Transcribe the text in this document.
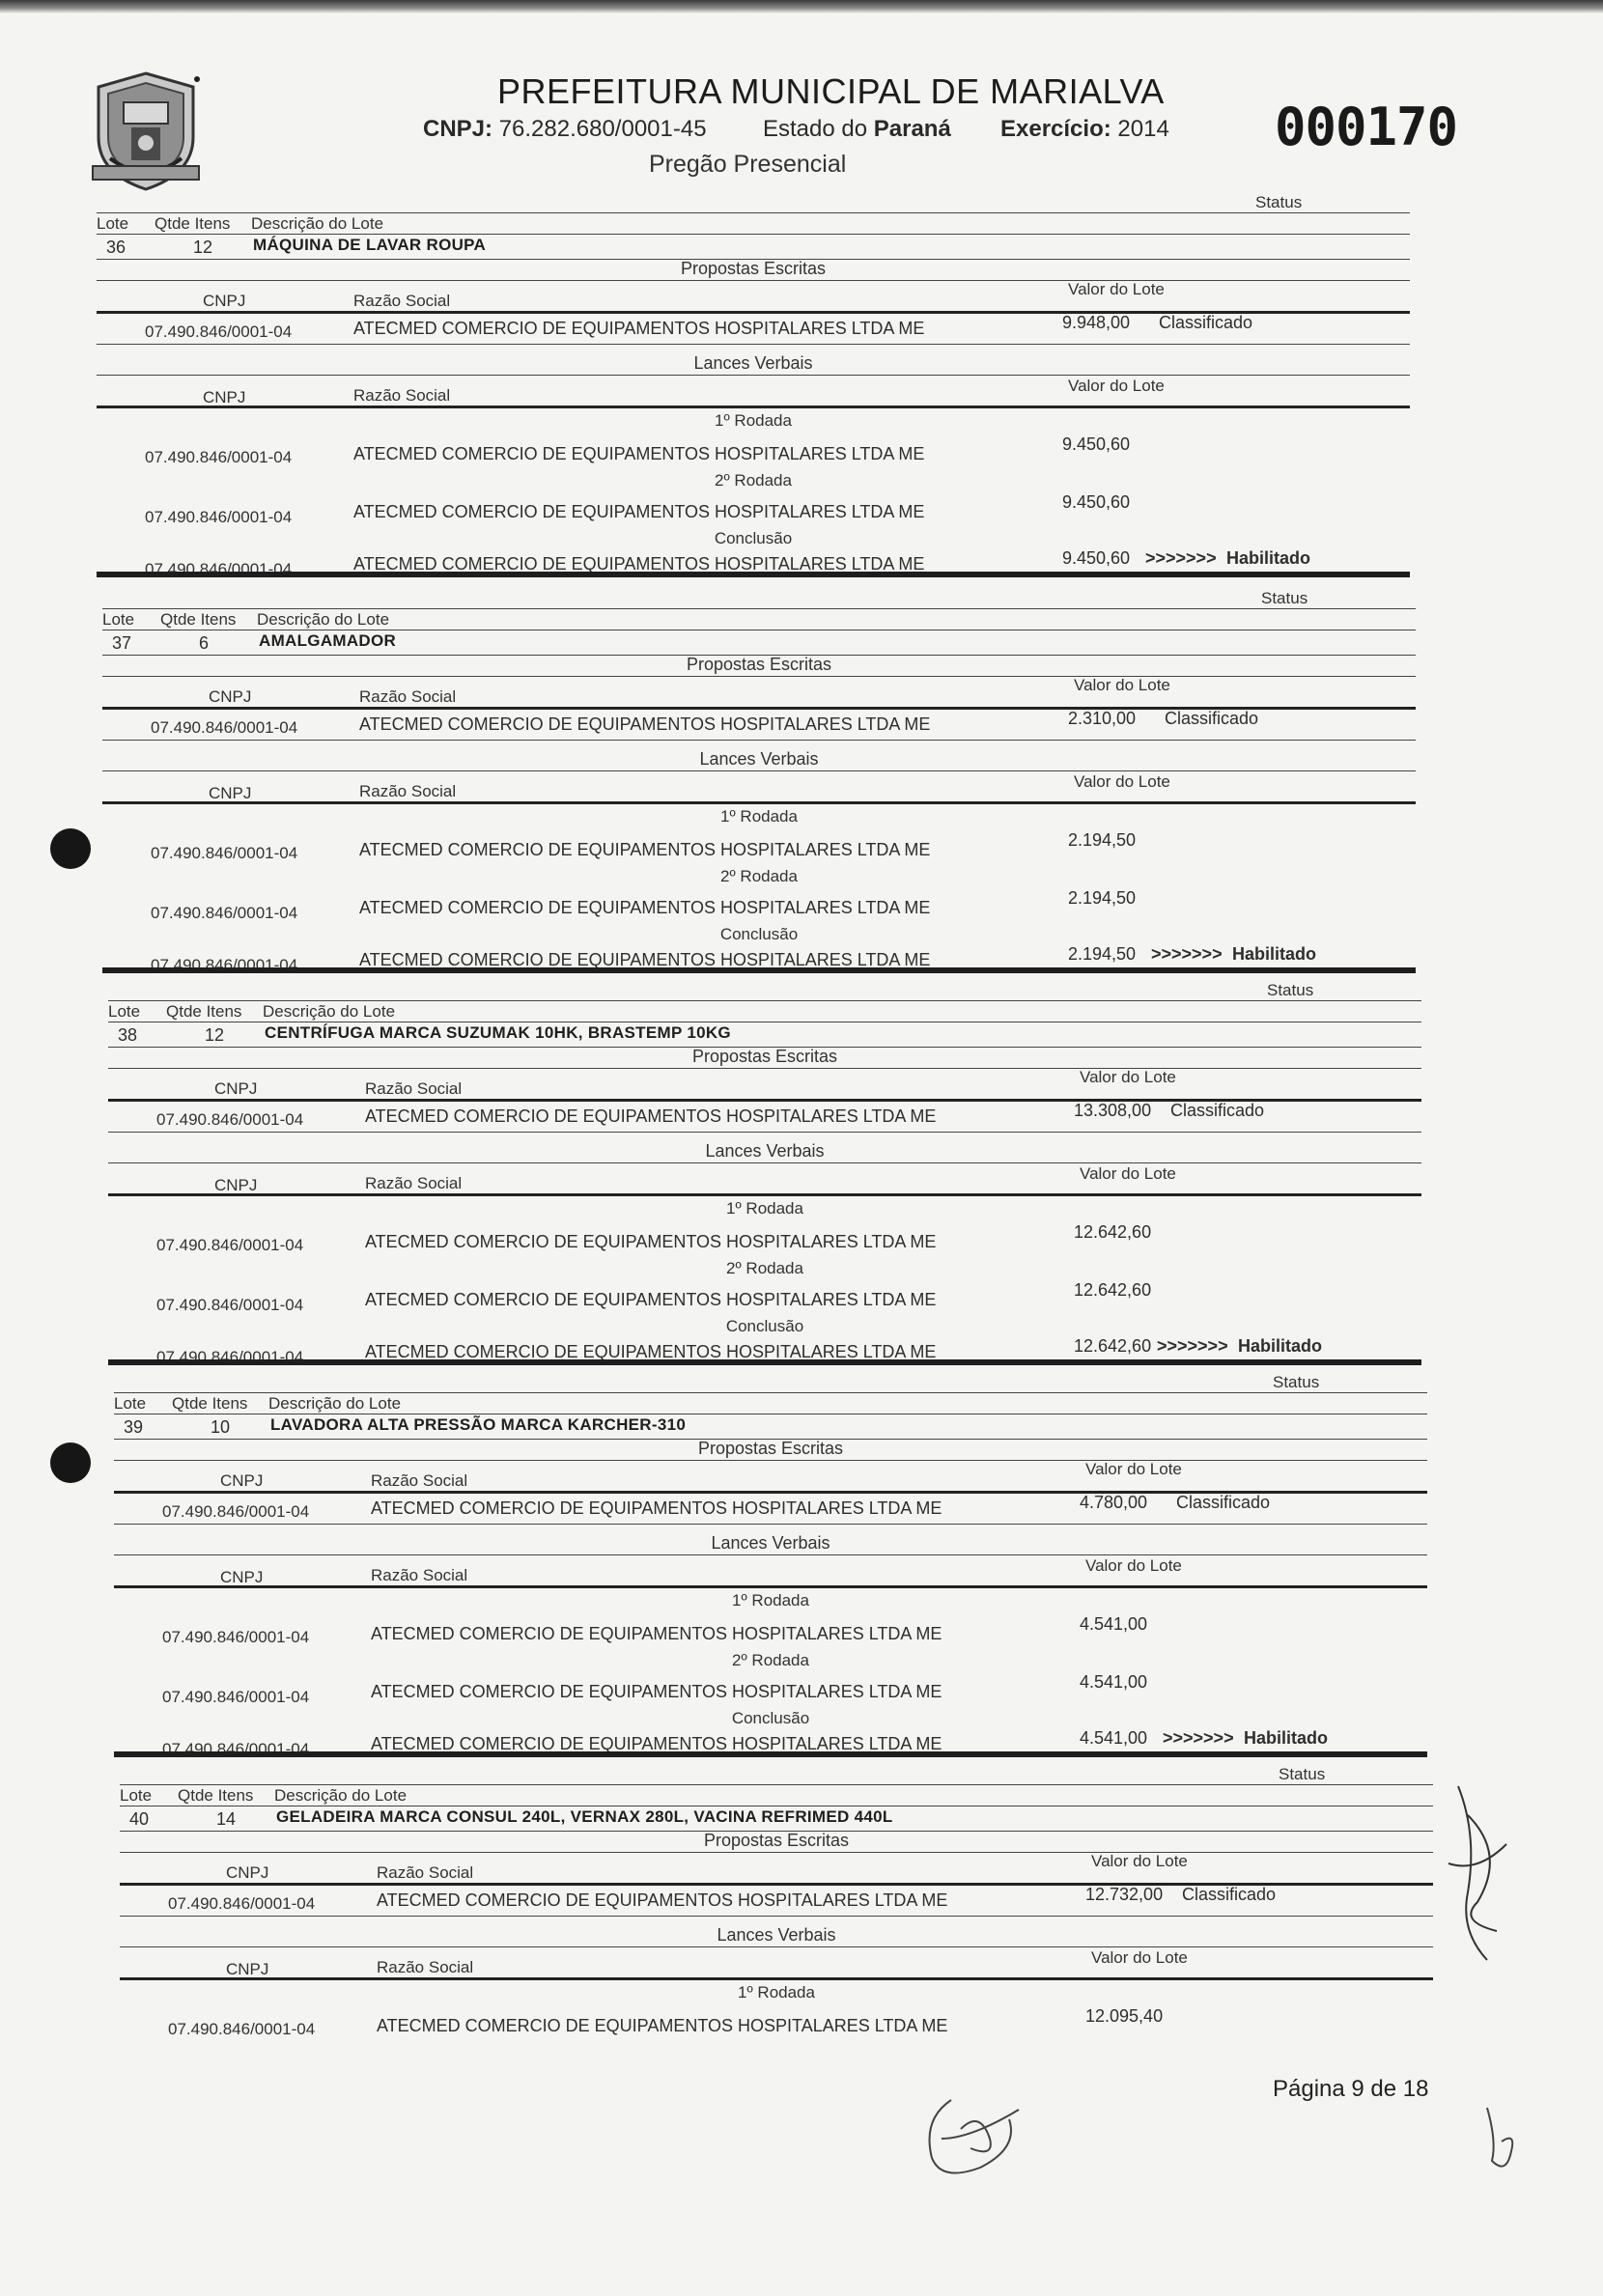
PREFEITURA MUNICIPAL DE MARIALVA
CNPJ: 76.282.680/0001-45 Estado do Paraná Exercício: 2014
Pregão Presencial
000170
Status
Lote Qtde Itens Descrição do Lote
36	12 MÁQUINA DE LAVAR ROUPA
Propostas Escritas
Valor do Lote
CNPJ	Razão Social
07.490.846/0001-04	ATECMED COMERCIO DE EQUIPAMENTOS HOSPITALARES LTDA ME	9.948,00 Classificado
Lances Verbais
Valor do Lote
CNPJ	Razão Social
1º Rodada
07.490.846/0001-04	ATECMED COMERCIO DE EQUIPAMENTOS HOSPITALARES LTDA ME	9.450,60
2º Rodada
07.490.846/0001-04	ATECMED COMERCIO DE EQUIPAMENTOS HOSPITALARES LTDA ME	9.450,60
Conclusão
07.490.846/0001-04	ATECMED COMERCIO DE EQUIPAMENTOS HOSPITALARES LTDA ME	9.450,60 >>>>>>> Habilitado
Status
Lote Qtde Itens Descrição do Lote
37	6	AMALGAMADOR
Propostas Escritas
Valor do Lote
CNPJ	Razão Social
07.490.846/0001-04	ATECMED COMERCIO DE EQUIPAMENTOS HOSPITALARES LTDA ME	2.310,00 Classificado
Lances Verbais
Valor do Lote
CNPJ	Razão Social
1º Rodada
07.490.846/0001-04	ATECMED COMERCIO DE EQUIPAMENTOS HOSPITALARES LTDA ME	2.194,50
2º Rodada
07.490.846/0001-04	ATECMED COMERCIO DE EQUIPAMENTOS HOSPITALARES LTDA ME	2.194,50
Conclusão
07.490.846/0001-04	ATECMED COMERCIO DE EQUIPAMENTOS HOSPITALARES LTDA ME	2.194,50 >>>>>>> Habilitado
Status
Lote Qtde Itens Descrição do Lote
38	12 CENTRÍFUGA MARCA SUZUMAK 10HK, BRASTEMP 10KG
Propostas Escritas
Valor do Lote
CNPJ	Razão Social
07.490.846/0001-04	ATECMED COMERCIO DE EQUIPAMENTOS HOSPITALARES LTDA ME	13.308,00 Classificado
Lances Verbais
Valor do Lote
CNPJ	Razão Social
1º Rodada
07.490.846/0001-04	ATECMED COMERCIO DE EQUIPAMENTOS HOSPITALARES LTDA ME	12.642,60
2º Rodada
07.490.846/0001-04	ATECMED COMERCIO DE EQUIPAMENTOS HOSPITALARES LTDA ME	12.642,60
Conclusão
07.490.846/0001-04	ATECMED COMERCIO DE EQUIPAMENTOS HOSPITALARES LTDA ME	12.642,60 >>>>>>> Habilitado
Status
Lote Qtde Itens Descrição do Lote
39	10 LAVADORA ALTA PRESSÃO MARCA KARCHER-310
Propostas Escritas
Valor do Lote
CNPJ	Razão Social
07.490.846/0001-04	ATECMED COMERCIO DE EQUIPAMENTOS HOSPITALARES LTDA ME	4.780,00 Classificado
Lances Verbais
Valor do Lote
CNPJ	Razão Social
1º Rodada
07.490.846/0001-04	ATECMED COMERCIO DE EQUIPAMENTOS HOSPITALARES LTDA ME	4.541,00
2º Rodada
07.490.846/0001-04	ATECMED COMERCIO DE EQUIPAMENTOS HOSPITALARES LTDA ME	4.541,00
Conclusão
07.490.846/0001-04	ATECMED COMERCIO DE EQUIPAMENTOS HOSPITALARES LTDA ME	4.541,00 >>>>>>> Habilitado
Status
Lote Qtde Itens Descrição do Lote
40	14 GELADEIRA MARCA CONSUL 240L, VERNAX 280L, VACINA REFRIMED 440L
Propostas Escritas
Valor do Lote
CNPJ	Razão Social
07.490.846/0001-04	ATECMED COMERCIO DE EQUIPAMENTOS HOSPITALARES LTDA ME	12.732,00 Classificado
Lances Verbais
Valor do Lote
CNPJ	Razão Social
1º Rodada
07.490.846/0001-04	ATECMED COMERCIO DE EQUIPAMENTOS HOSPITALARES LTDA ME	12.095,40
Página 9 de 18
